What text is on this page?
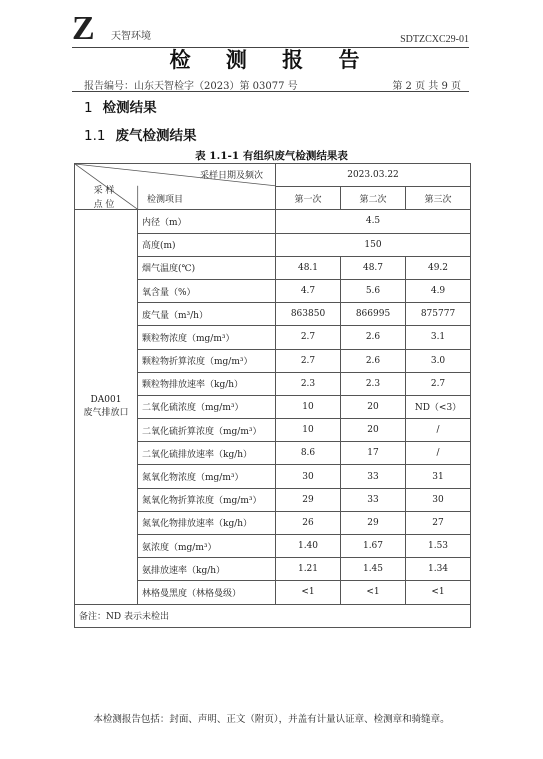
Z 天智环境	SDTZCXC29-01
检 测 报 告
报告编号：山东天智检字（2023）第 03077 号	第 2 页 共 9 页
1 检测结果
1.1 废气检测结果
表 1.1-1 有组织废气检测结果表
采样日期及频次
检测项目
采 样
点 位		2023.03.22		
		第一次	第二次	第三次

DA001
废气排放口	内径（m）	4.5		
	高度(m)	150		
	烟气温度(℃)	48.1	48.7	49.2
	氧含量（%）	4.7	5.6	4.9
	废气量（m³/h）	863850	866995	875777
	颗粒物浓度（mg/m³）	2.7	2.6	3.1
	颗粒物折算浓度（mg/m³）	2.7	2.6	3.0
	颗粒物排放速率（kg/h）	2.3	2.3	2.7
	二氧化硫浓度（mg/m³）	10	20	ND（<3）
	二氧化硫折算浓度（mg/m³）	10	20	/
	二氧化硫排放速率（kg/h）	8.6	17	/
	氮氧化物浓度（mg/m³）	30	33	31
	氮氧化物折算浓度（mg/m³）	29	33	30
	氮氧化物排放速率（kg/h）	26	29	27
	氨浓度（mg/m³）	1.40	1.67	1.53
	氨排放速率（kg/h）	1.21	1.45	1.34
	林格曼黑度（林格曼级）	<1	<1	<1
备注：ND 表示未检出				
本检测报告包括：封面、声明、正文（附页），并盖有计量认证章、检测章和骑缝章。
